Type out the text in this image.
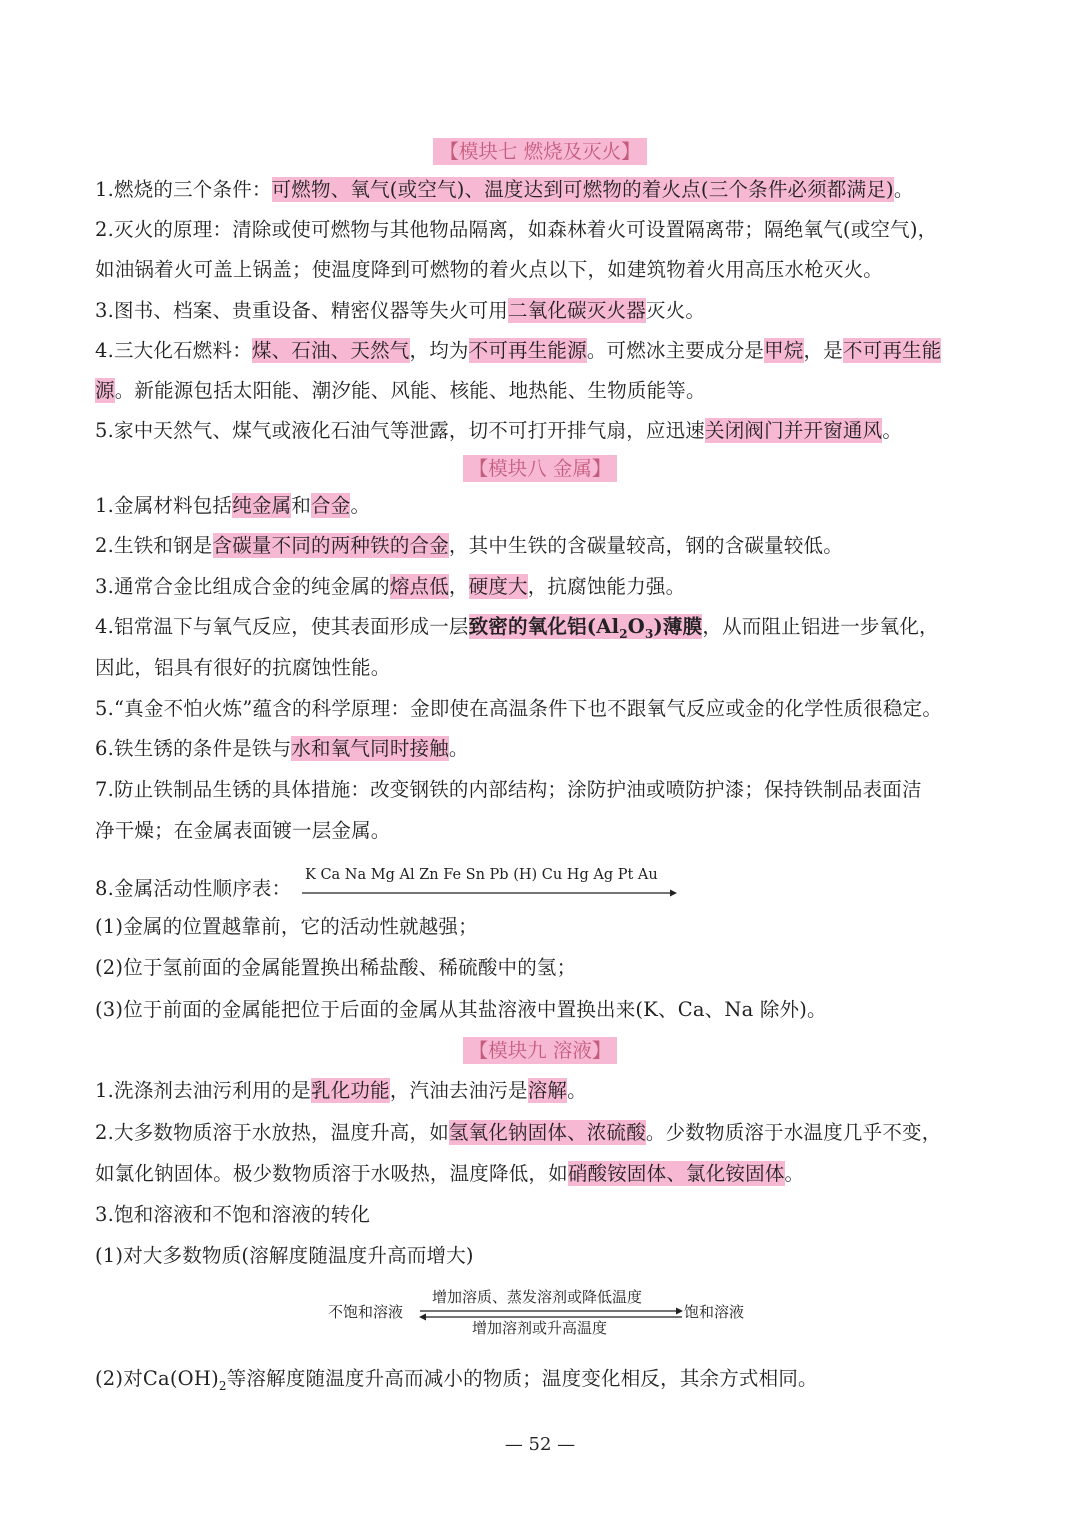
【模块七 燃烧及灭火】
1.燃烧的三个条件：可燃物、氧气(或空气)、温度达到可燃物的着火点(三个条件必须都满足)。
2.灭火的原理：清除或使可燃物与其他物品隔离，如森林着火可设置隔离带；隔绝氧气(或空气)，
如油锅着火可盖上锅盖；使温度降到可燃物的着火点以下，如建筑物着火用高压水枪灭火。
3.图书、档案、贵重设备、精密仪器等失火可用二氧化碳灭火器灭火。
4.三大化石燃料：煤、石油、天然气，均为不可再生能源。可燃冰主要成分是甲烷，是不可再生能
源。新能源包括太阳能、潮汐能、风能、核能、地热能、生物质能等。
5.家中天然气、煤气或液化石油气等泄露，切不可打开排气扇，应迅速关闭阀门并开窗通风。
【模块八 金属】
1.金属材料包括纯金属和合金。
2.生铁和钢是含碳量不同的两种铁的合金，其中生铁的含碳量较高，钢的含碳量较低。
3.通常合金比组成合金的纯金属的熔点低，硬度大，抗腐蚀能力强。
4.铝常温下与氧气反应，使其表面形成一层致密的氧化铝$(Al_2O_3)$薄膜，从而阻止铝进一步氧化，
因此，铝具有很好的抗腐蚀性能。
5.“真金不怕火炼”蕴含的科学原理：金即使在高温条件下也不跟氧气反应或金的化学性质很稳定。
6.铁生锈的条件是铁与水和氧气同时接触。
7.防止铁制品生锈的具体措施：改变钢铁的内部结构；涂防护油或喷防护漆；保持铁制品表面洁
净干燥；在金属表面镀一层金属。
8.金属活动性顺序表：
K Ca Na Mg Al Zn Fe Sn Pb (H) Cu Hg Ag Pt Au
(1)金属的位置越靠前，它的活动性就越强；
(2)位于氢前面的金属能置换出稀盐酸、稀硫酸中的氢；
(3)位于前面的金属能把位于后面的金属从其盐溶液中置换出来(K、Ca、Na 除外)。
【模块九 溶液】
1.洗涤剂去油污利用的是乳化功能，汽油去油污是溶解。
2.大多数物质溶于水放热，温度升高，如氢氧化钠固体、浓硫酸。少数物质溶于水温度几乎不变，
如氯化钠固体。极少数物质溶于水吸热，温度降低，如硝酸铵固体、氯化铵固体。
3.饱和溶液和不饱和溶液的转化
(1)对大多数物质(溶解度随温度升高而增大)
不饱和溶液
增加溶质、蒸发溶剂或降低温度
增加溶剂或升高温度
饱和溶液
(2)对$Ca(OH)_2$等溶解度随温度升高而减小的物质；温度变化相反，其余方式相同。
— 52 —
